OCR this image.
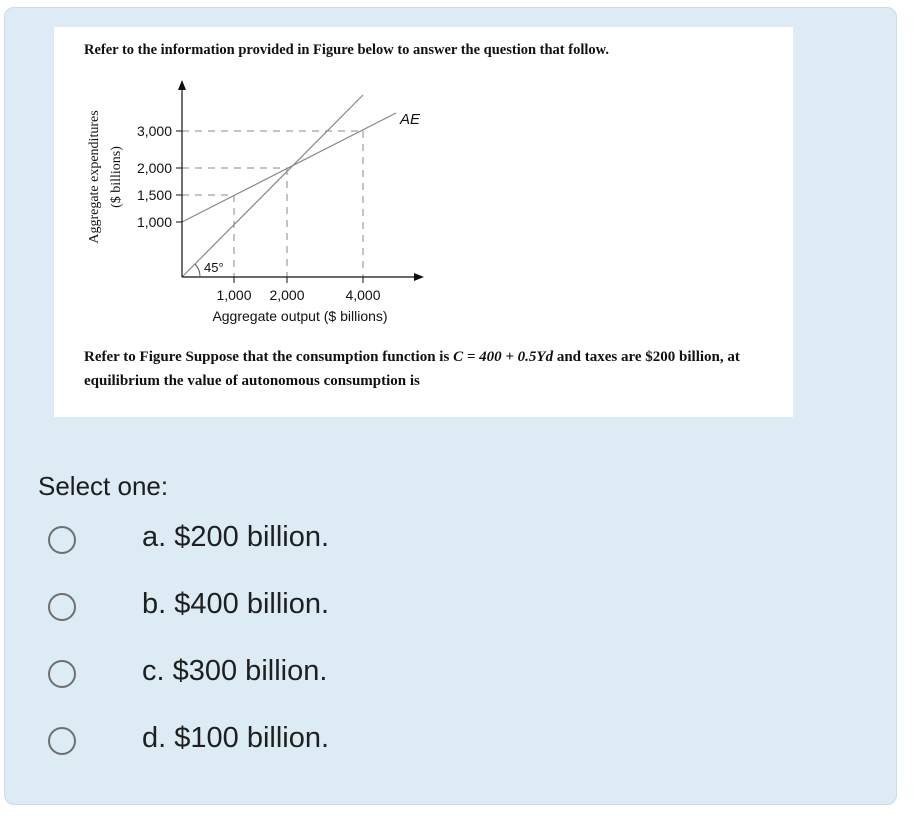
Refer to the information provided in Figure below to answer the question that follow.
3,000
2,000
1,500
1,000
1,000 2,000	4,000
Aggregate output ($ billions)
AE
45°
Aggregate expenditures ($ billions)
Refer to Figure Suppose that the consumption function is C = 400 + 0.5Yd and taxes are $200 billion, at equilibrium the value of autonomous consumption is
Select one:
a. $200 billion.
b. $400 billion.
c. $300 billion.
d. $100 billion.
